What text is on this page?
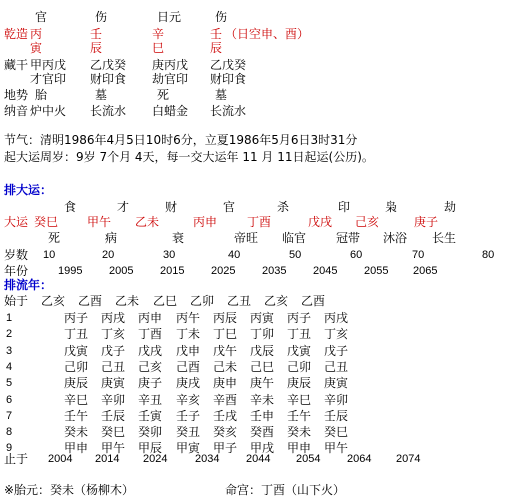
官	伤	日元	伤
乾造 丙	壬	辛	壬 （日空申、酉）
寅	辰	巳	辰
藏干 甲丙戊 乙戊癸 庚丙戊 乙戊癸
才官印 财印食 劫官印 财印食
地势 胎	墓	死	墓
纳音 炉中火 长流水 白蜡金 长流水
节气：清明1986年4月5日10时6分，立夏1986年5月6日3时31分
起大运周岁：9岁 7个月 4天，每一交大运年 11 月 11日起运(公历)。
排大运：
食	才	财	官	杀	印	枭	劫
大运 癸巳 甲午 乙未	丙申 丁酉	戊戌 己亥	庚子
死	病	衰	帝旺 临官 冠带 沐浴 长生
岁数 10	20	30	40	50	60	70	80
年份	1995 2005 2015 2025 2035 2045 2055 2065
排流年：
始于 乙亥 乙酉 乙未 乙巳 乙卯 乙丑 乙亥 乙酉
1	丙子 丙戌 丙申 丙午 丙辰 丙寅 丙子 丙戌
2	丁丑 丁亥 丁酉 丁未 丁巳 丁卯 丁丑 丁亥
3	戊寅 戊子 戊戌 戊申 戊午 戊辰 戊寅 戊子
4	己卯 己丑 己亥 己酉 己未 己巳 己卯 己丑
5	庚辰 庚寅 庚子 庚戌 庚申 庚午 庚辰 庚寅
6	辛巳 辛卯 辛丑 辛亥 辛酉 辛未 辛巳 辛卯
7	壬午 壬辰 壬寅 壬子 壬戌 壬申 壬午 壬辰
8	癸未 癸巳 癸卯 癸丑 癸亥 癸酉 癸未 癸巳
9	甲申 甲午 甲辰 甲寅 甲子 甲戌 甲申 甲午
止于 2004 2014 2024	2034 2044 2054 2064 2074
※胎元：癸未（杨柳木）	命宫：丁酉（山下火）
